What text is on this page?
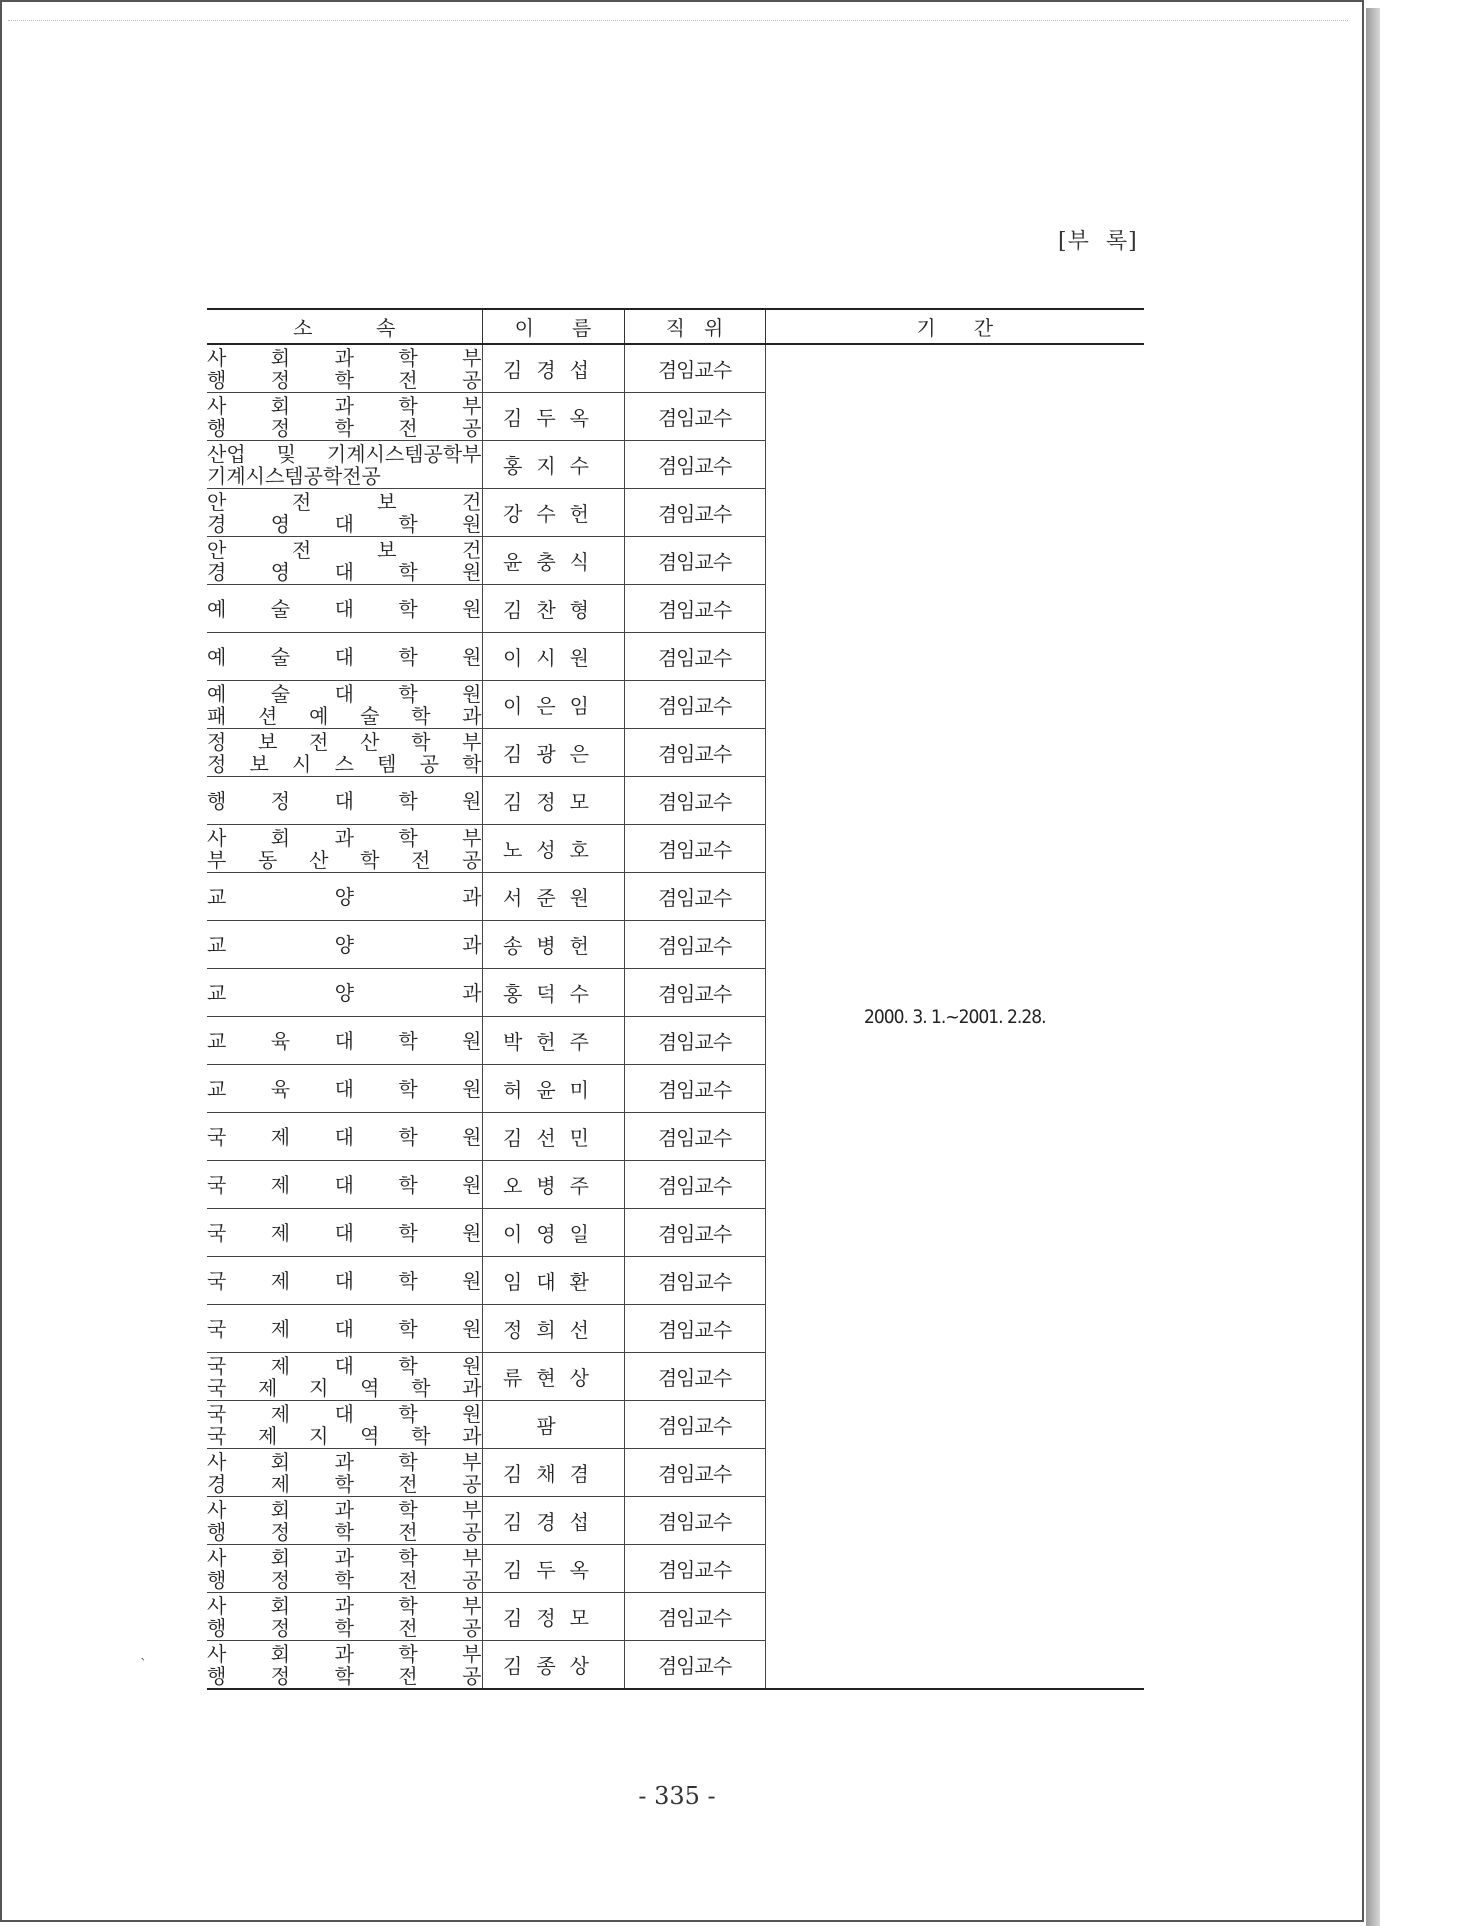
[부  록]
소          속	이      름	직   위	기      간

사 회 과 학 부
행 정 학 전 공	김경섭	겸임교수	2000. 3. 1.~2001. 2.28.

사 회 과 학 부
행 정 학 전 공	김두옥	겸임교수	

산업 및 기계시스템공학부
기계시스템공학전공	홍지수	겸임교수	

안 전 보 건
경 영 대 학 원	강수헌	겸임교수	

안 전 보 건
경 영 대 학 원	윤충식	겸임교수	

예 술 대 학 원	김찬형	겸임교수	

예 술 대 학 원	이시원	겸임교수	

예 술 대 학 원
패 션 예 술 학 과	이은임	겸임교수	

정 보 전 산 학 부
정 보 시 스 템 공 학	김광은	겸임교수	

행 정 대 학 원	김정모	겸임교수	

사 회 과 학 부
부 동 산 학 전 공	노성호	겸임교수	

교 양 과	서준원	겸임교수	

교 양 과	송병헌	겸임교수	

교 양 과	홍덕수	겸임교수	

교 육 대 학 원	박헌주	겸임교수	

교 육 대 학 원	허윤미	겸임교수	

국 제 대 학 원	김선민	겸임교수	

국 제 대 학 원	오병주	겸임교수	

국 제 대 학 원	이영일	겸임교수	

국 제 대 학 원	임대환	겸임교수	

국 제 대 학 원	정희선	겸임교수	

국 제 대 학 원
국 제 지 역 학 과	류현상	겸임교수	

국 제 대 학 원
국 제 지 역 학 과	팜	겸임교수	

사 회 과 학 부
경 제 학 전 공	김채겸	겸임교수	

사 회 과 학 부
행 정 학 전 공	김경섭	겸임교수	

사 회 과 학 부
행 정 학 전 공	김두옥	겸임교수	

사 회 과 학 부
행 정 학 전 공	김정모	겸임교수	

사 회 과 학 부
행 정 학 전 공	김종상	겸임교수	
`
- 335 -
